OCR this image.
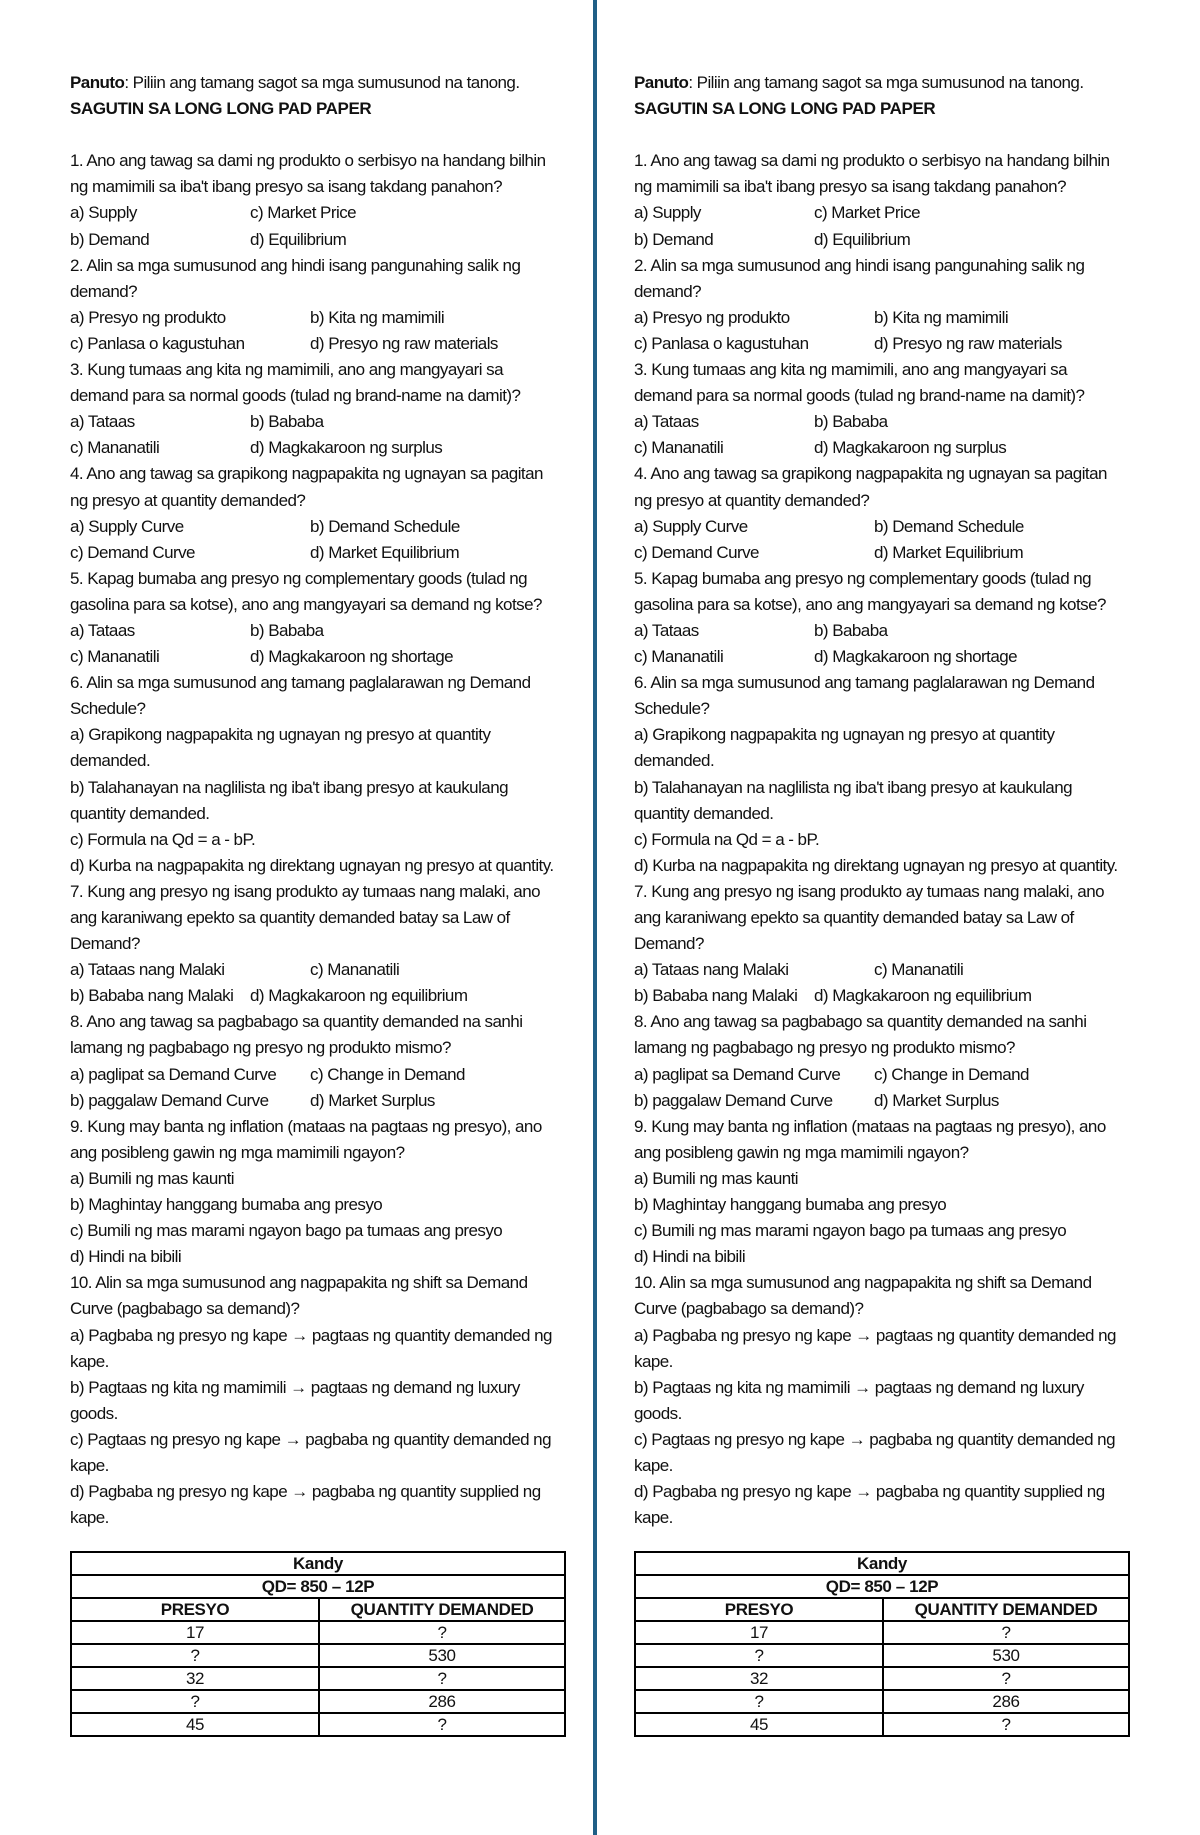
Panuto: Piliin ang tamang sagot sa mga sumusunod na tanong.
SAGUTIN SA LONG LONG PAD PAPER
1. Ano ang tawag sa dami ng produkto o serbisyo na handang bilhin
ng mamimili sa iba't ibang presyo sa isang takdang panahon?
a) Supply	c) Market Price
b) Demand	d) Equilibrium
2. Alin sa mga sumusunod ang hindi isang pangunahing salik ng
demand?
a) Presyo ng produkto	b) Kita ng mamimili
c) Panlasa o kagustuhan	d) Presyo ng raw materials
3. Kung tumaas ang kita ng mamimili, ano ang mangyayari sa
demand para sa normal goods (tulad ng brand-name na damit)?
a) Tataas	b) Bababa
c) Mananatili	d) Magkakaroon ng surplus
4. Ano ang tawag sa grapikong nagpapakita ng ugnayan sa pagitan
ng presyo at quantity demanded?
a) Supply Curve	b) Demand Schedule
c) Demand Curve	d) Market Equilibrium
5. Kapag bumaba ang presyo ng complementary goods (tulad ng
gasolina para sa kotse), ano ang mangyayari sa demand ng kotse?
a) Tataas	b) Bababa
c) Mananatili	d) Magkakaroon ng shortage
6. Alin sa mga sumusunod ang tamang paglalarawan ng Demand
Schedule?
a) Grapikong nagpapakita ng ugnayan ng presyo at quantity
demanded.
b) Talahanayan na naglilista ng iba't ibang presyo at kaukulang
quantity demanded.
c) Formula na Qd = a - bP.
d) Kurba na nagpapakita ng direktang ugnayan ng presyo at quantity.
7. Kung ang presyo ng isang produkto ay tumaas nang malaki, ano
ang karaniwang epekto sa quantity demanded batay sa Law of
Demand?
a) Tataas nang Malaki	c) Mananatili
b) Bababa nang Malaki d) Magkakaroon ng equilibrium
8. Ano ang tawag sa pagbabago sa quantity demanded na sanhi
lamang ng pagbabago ng presyo ng produkto mismo?
a) paglipat sa Demand Curve c) Change in Demand
b) paggalaw Demand Curve d) Market Surplus
9. Kung may banta ng inflation (mataas na pagtaas ng presyo), ano
ang posibleng gawin ng mga mamimili ngayon?
a) Bumili ng mas kaunti
b) Maghintay hanggang bumaba ang presyo
c) Bumili ng mas marami ngayon bago pa tumaas ang presyo
d) Hindi na bibili
10. Alin sa mga sumusunod ang nagpapakita ng shift sa Demand
Curve (pagbabago sa demand)?
a) Pagbaba ng presyo ng kape → pagtaas ng quantity demanded ng
kape.
b) Pagtaas ng kita ng mamimili → pagtaas ng demand ng luxury
goods.
c) Pagtaas ng presyo ng kape → pagbaba ng quantity demanded ng
kape.
d) Pagbaba ng presyo ng kape → pagbaba ng quantity supplied ng
kape.
Kandy	
QD= 850 – 12P	
PRESYO	QUANTITY DEMANDED
17	?
?	530
32	?
?	286
45	?
Panuto: Piliin ang tamang sagot sa mga sumusunod na tanong.
SAGUTIN SA LONG LONG PAD PAPER
1. Ano ang tawag sa dami ng produkto o serbisyo na handang bilhin
ng mamimili sa iba't ibang presyo sa isang takdang panahon?
a) Supply	c) Market Price
b) Demand	d) Equilibrium
2. Alin sa mga sumusunod ang hindi isang pangunahing salik ng
demand?
a) Presyo ng produkto	b) Kita ng mamimili
c) Panlasa o kagustuhan	d) Presyo ng raw materials
3. Kung tumaas ang kita ng mamimili, ano ang mangyayari sa
demand para sa normal goods (tulad ng brand-name na damit)?
a) Tataas	b) Bababa
c) Mananatili	d) Magkakaroon ng surplus
4. Ano ang tawag sa grapikong nagpapakita ng ugnayan sa pagitan
ng presyo at quantity demanded?
a) Supply Curve	b) Demand Schedule
c) Demand Curve	d) Market Equilibrium
5. Kapag bumaba ang presyo ng complementary goods (tulad ng
gasolina para sa kotse), ano ang mangyayari sa demand ng kotse?
a) Tataas	b) Bababa
c) Mananatili	d) Magkakaroon ng shortage
6. Alin sa mga sumusunod ang tamang paglalarawan ng Demand
Schedule?
a) Grapikong nagpapakita ng ugnayan ng presyo at quantity
demanded.
b) Talahanayan na naglilista ng iba't ibang presyo at kaukulang
quantity demanded.
c) Formula na Qd = a - bP.
d) Kurba na nagpapakita ng direktang ugnayan ng presyo at quantity.
7. Kung ang presyo ng isang produkto ay tumaas nang malaki, ano
ang karaniwang epekto sa quantity demanded batay sa Law of
Demand?
a) Tataas nang Malaki	c) Mananatili
b) Bababa nang Malaki d) Magkakaroon ng equilibrium
8. Ano ang tawag sa pagbabago sa quantity demanded na sanhi
lamang ng pagbabago ng presyo ng produkto mismo?
a) paglipat sa Demand Curve c) Change in Demand
b) paggalaw Demand Curve d) Market Surplus
9. Kung may banta ng inflation (mataas na pagtaas ng presyo), ano
ang posibleng gawin ng mga mamimili ngayon?
a) Bumili ng mas kaunti
b) Maghintay hanggang bumaba ang presyo
c) Bumili ng mas marami ngayon bago pa tumaas ang presyo
d) Hindi na bibili
10. Alin sa mga sumusunod ang nagpapakita ng shift sa Demand
Curve (pagbabago sa demand)?
a) Pagbaba ng presyo ng kape → pagtaas ng quantity demanded ng
kape.
b) Pagtaas ng kita ng mamimili → pagtaas ng demand ng luxury
goods.
c) Pagtaas ng presyo ng kape → pagbaba ng quantity demanded ng
kape.
d) Pagbaba ng presyo ng kape → pagbaba ng quantity supplied ng
kape.
Kandy	
QD= 850 – 12P	
PRESYO	QUANTITY DEMANDED
17	?
?	530
32	?
?	286
45	?
